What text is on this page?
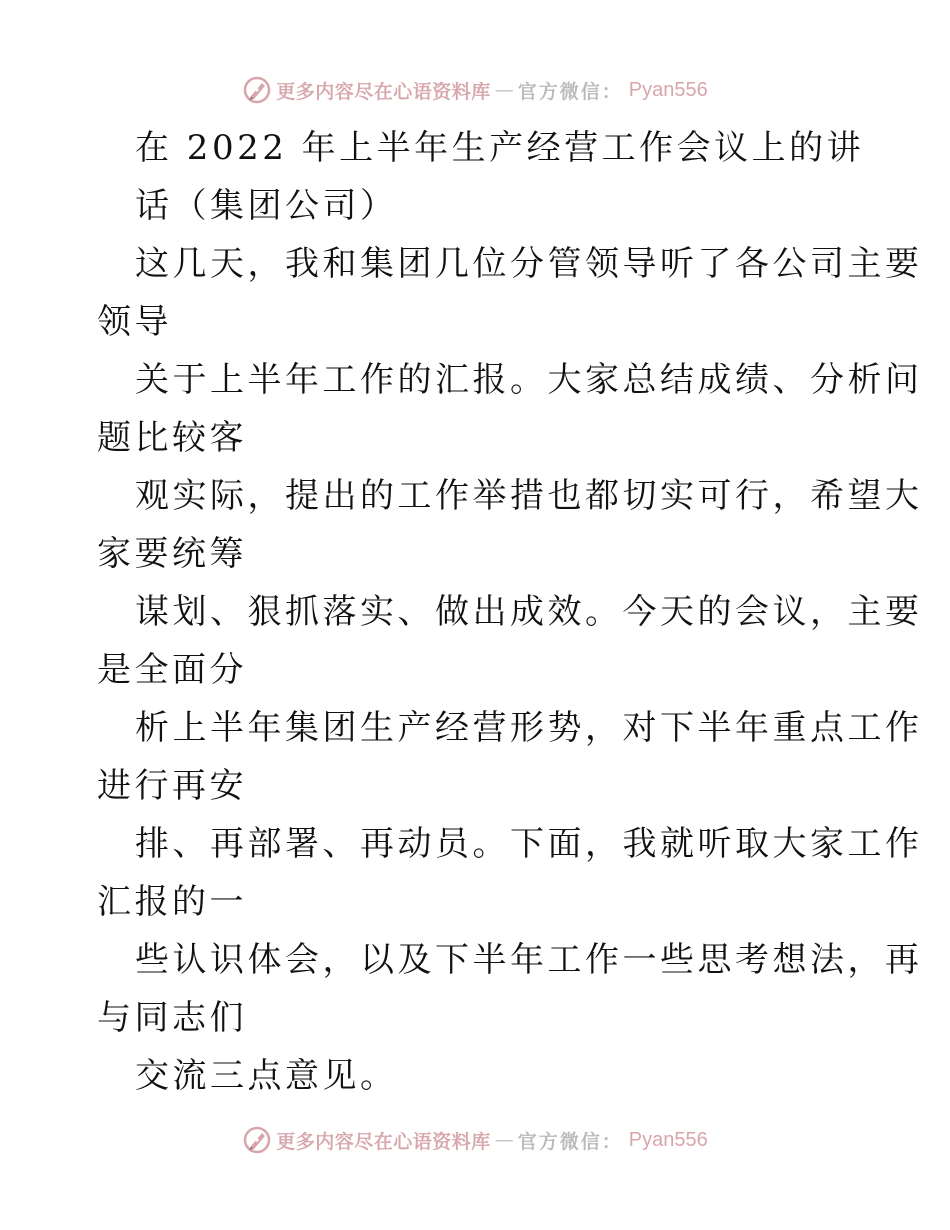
更多内容尽在心语资料库 — 官方微信： Pyan556
在 2022 年上半年生产经营工作会议上的讲
话（集团公司）
这几天，我和集团几位分管领导听了各公司主要
领导
关于上半年工作的汇报。大家总结成绩、分析问
题比较客
观实际，提出的工作举措也都切实可行，希望大
家要统筹
谋划、狠抓落实、做出成效。今天的会议，主要
是全面分
析上半年集团生产经营形势，对下半年重点工作
进行再安
排、再部署、再动员。下面，我就听取大家工作
汇报的一
些认识体会，以及下半年工作一些思考想法，再
与同志们
交流三点意见。
更多内容尽在心语资料库 — 官方微信： Pyan556
